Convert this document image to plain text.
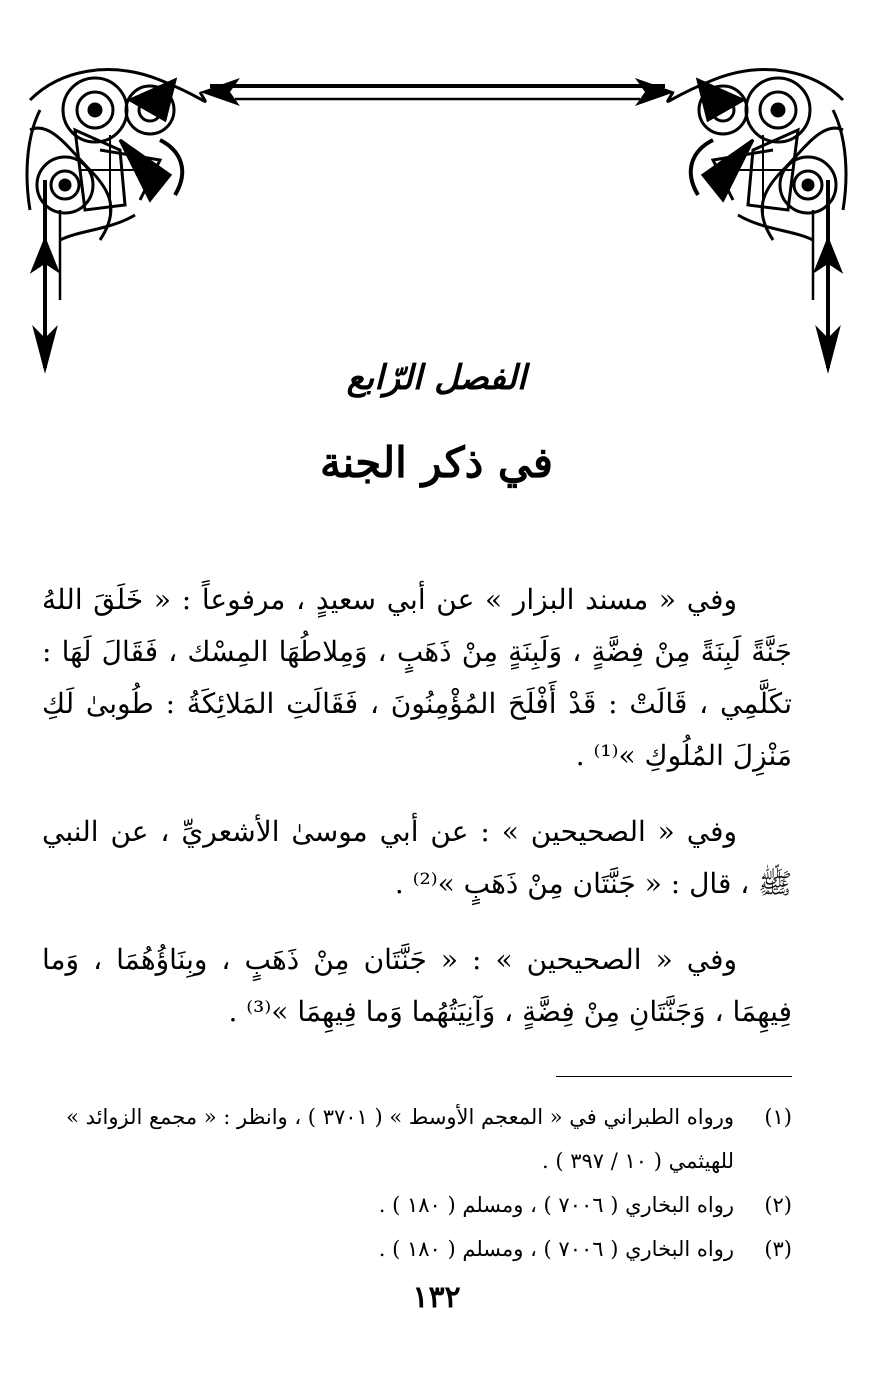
الفصل الرّابع
في ذكر الجنة

وفي « مسند البزار » عن أبي سعيدٍ ، مرفوعاً : « خَلَقَ اللهُ جَنَّةً لَبِنَةً مِنْ فِضَّةٍ ، وَلَبِنَةٍ مِنْ ذَهَبٍ ، وَمِلاطُهَا المِسْك ، فَقَالَ لَهَا : تكَلَّمِي ، قَالَتْ : قَدْ أَفْلَحَ المُؤْمِنُونَ ، فَقَالَتِ المَلائِكَةُ : طُوبىٰ لَكِ مَنْزِلَ المُلُوكِ »⁽¹⁾ .

وفي « الصحيحين » : عن أبي موسىٰ الأشعريِّ ، عن النبي ﷺ ، قال : « جَنَّتَان مِنْ ذَهَبٍ »⁽²⁾ .

وفي « الصحيحين » : « جَنَّتَان مِنْ ذَهَبٍ ، وبِنَاؤُهُمَا ، وَما فِيهِمَا ، وَجَنَّتَانِ مِنْ فِضَّةٍ ، وَآنِيَتُهُما وَما فِيهِمَا »⁽³⁾ .

(١)
ورواه الطبراني في « المعجم الأوسط » ( ٣٧٠١ ) ، وانظر : « مجمع الزوائد » للهيثمي ( ١٠ / ٣٩٧ ) .
(٢)
رواه البخاري ( ٧٠٠٦ ) ، ومسلم ( ١٨٠ ) .
(٣)
رواه البخاري ( ٧٠٠٦ ) ، ومسلم ( ١٨٠ ) .
١٣٢
